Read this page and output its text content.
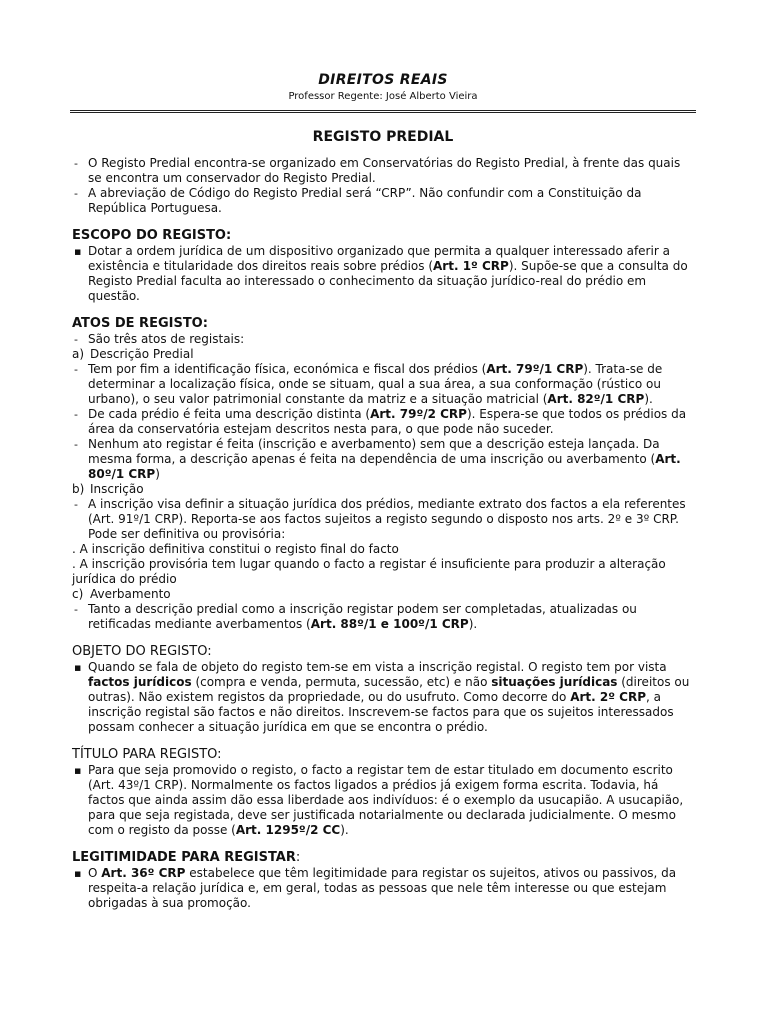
DIREITOS REAIS
Professor Regente: José Alberto Vieira
REGISTO PREDIAL
- O Registo Predial encontra-se organizado em Conservatórias do Registo Predial, à frente das quais se encontra um conservador do Registo Predial.
- A abreviação de Código do Registo Predial será “CRP”. Não confundir com a Constituição da República Portuguesa.
ESCOPO DO REGISTO:
▪ Dotar a ordem jurídica de um dispositivo organizado que permita a qualquer interessado aferir a existência e titularidade dos direitos reais sobre prédios (Art. 1º CRP). Supõe-se que a consulta do Registo Predial faculta ao interessado o conhecimento da situação jurídico-real do prédio em questão.
ATOS DE REGISTO:
- São três atos de registais:
a) Descrição Predial
- Tem por fim a identificação física, económica e fiscal dos prédios (Art. 79º/1 CRP). Trata-se de determinar a localização física, onde se situam, qual a sua área, a sua conformação (rústico ou urbano), o seu valor patrimonial constante da matriz e a situação matricial (Art. 82º/1 CRP).
- De cada prédio é feita uma descrição distinta (Art. 79º/2 CRP). Espera-se que todos os prédios da área da conservatória estejam descritos nesta para, o que pode não suceder.
- Nenhum ato registar é feita (inscrição e averbamento) sem que a descrição esteja lançada. Da mesma forma, a descrição apenas é feita na dependência de uma inscrição ou averbamento (Art. 80º/1 CRP)
b) Inscrição
- A inscrição visa definir a situação jurídica dos prédios, mediante extrato dos factos a ela referentes (Art. 91º/1 CRP). Reporta-se aos factos sujeitos a registo segundo o disposto nos arts. 2º e 3º CRP. Pode ser definitiva ou provisória:
. A inscrição definitiva constitui o registo final do facto
. A inscrição provisória tem lugar quando o facto a registar é insuficiente para produzir a alteração jurídica do prédio
c) Averbamento
- Tanto a descrição predial como a inscrição registar podem ser completadas, atualizadas ou retificadas mediante averbamentos (Art. 88º/1 e 100º/1 CRP).
OBJETO DO REGISTO:
▪ Quando se fala de objeto do registo tem-se em vista a inscrição registal. O registo tem por vista factos jurídicos (compra e venda, permuta, sucessão, etc) e não situações jurídicas (direitos ou outras). Não existem registos da propriedade, ou do usufruto. Como decorre do Art. 2º CRP, a inscrição registal são factos e não direitos. Inscrevem-se factos para que os sujeitos interessados possam conhecer a situação jurídica em que se encontra o prédio.
TÍTULO PARA REGISTO:
▪ Para que seja promovido o registo, o facto a registar tem de estar titulado em documento escrito (Art. 43º/1 CRP). Normalmente os factos ligados a prédios já exigem forma escrita. Todavia, há factos que ainda assim dão essa liberdade aos indivíduos: é o exemplo da usucapião. A usucapião, para que seja registada, deve ser justificada notarialmente ou declarada judicialmente. O mesmo com o registo da posse (Art. 1295º/2 CC).
LEGITIMIDADE PARA REGISTAR:
▪ O Art. 36º CRP estabelece que têm legitimidade para registar os sujeitos, ativos ou passivos, da respeita-a relação jurídica e, em geral, todas as pessoas que nele têm interesse ou que estejam obrigadas à sua promoção.
